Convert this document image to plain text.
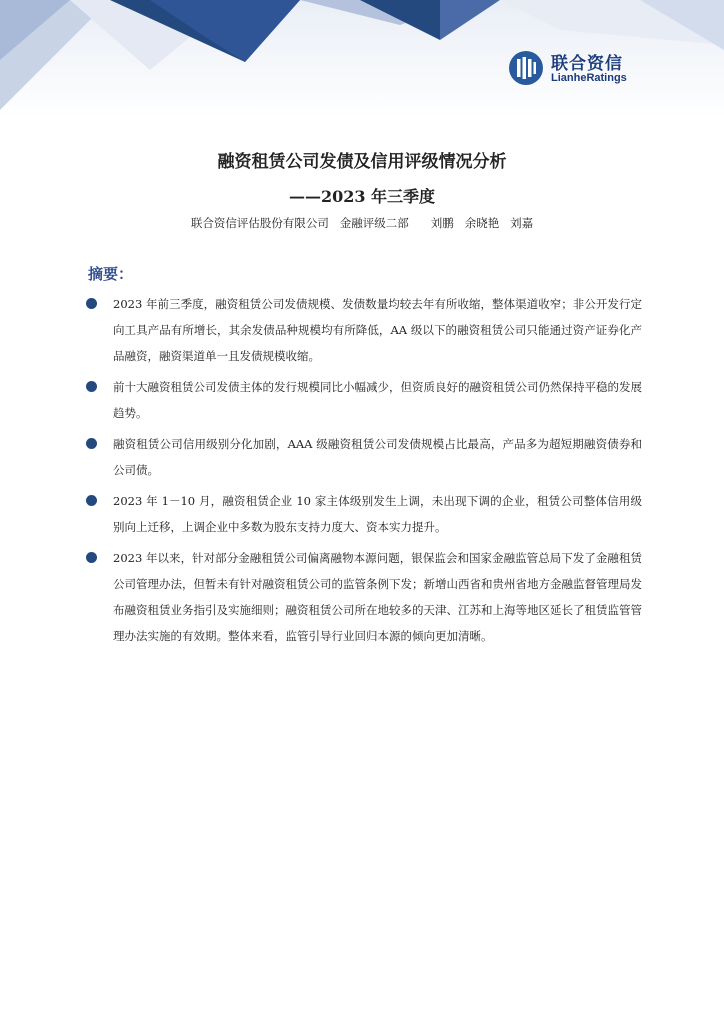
联合资信
LianheRatings
融资租赁公司发债及信用评级情况分析
——2023 年三季度
联合资信评估股份有限公司   金融评级二部      刘鹏   余晓艳   刘嘉
摘要：
2023 年前三季度，融资租赁公司发债规模、发债数量均较去年有所收缩，整体渠道收窄；非公开发行定向工具产品有所增长，其余发债品种规模均有所降低，AA 级以下的融资租赁公司只能通过资产证券化产品融资，融资渠道单一且发债规模收缩。
前十大融资租赁公司发债主体的发行规模同比小幅减少，但资质良好的融资租赁公司仍然保持平稳的发展趋势。
融资租赁公司信用级别分化加剧，AAA 级融资租赁公司发债规模占比最高，产品多为超短期融资债券和公司债。
2023 年 1－10 月，融资租赁企业 10 家主体级别发生上调，未出现下调的企业，租赁公司整体信用级别向上迁移，上调企业中多数为股东支持力度大、资本实力提升。
2023 年以来，针对部分金融租赁公司偏离融物本源问题，银保监会和国家金融监管总局下发了金融租赁公司管理办法，但暂未有针对融资租赁公司的监管条例下发；新增山西省和贵州省地方金融监督管理局发布融资租赁业务指引及实施细则；融资租赁公司所在地较多的天津、江苏和上海等地区延长了租赁监管管理办法实施的有效期。整体来看，监管引导行业回归本源的倾向更加清晰。
